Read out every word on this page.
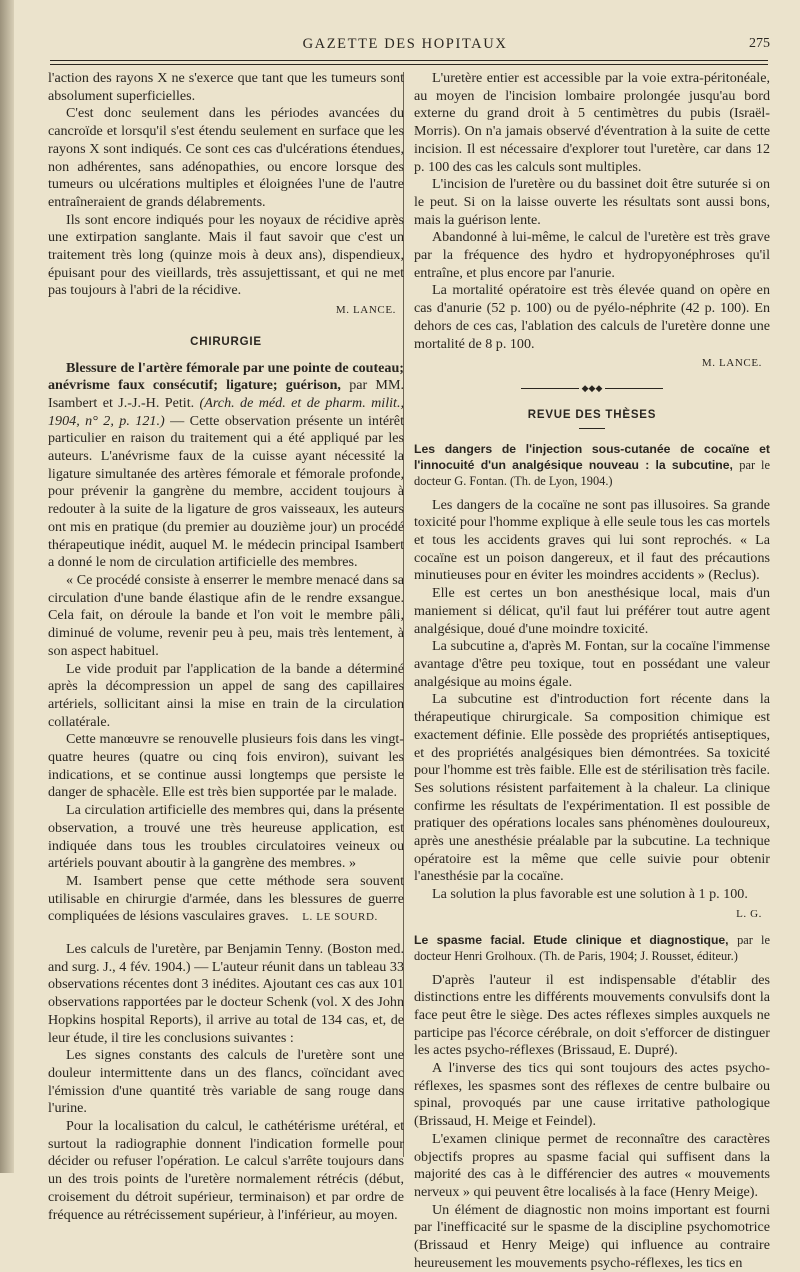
GAZETTE DES HOPITAUX	275

l'action des rayons X ne s'exerce que tant que les tumeurs sont absolument superficielles.

C'est donc seulement dans les périodes avancées du cancroïde et lorsqu'il s'est étendu seulement en surface que les rayons X sont indiqués. Ce sont ces cas d'ulcérations étendues, non adhérentes, sans adénopathies, ou encore lorsque des tumeurs ou ulcérations multiples et éloignées l'une de l'autre entraîneraient de grands délabrements.

Ils sont encore indiqués pour les noyaux de récidive après une extirpation sanglante. Mais il faut savoir que c'est un traitement très long (quinze mois à deux ans), dispendieux, épuisant pour des vieillards, très assujettissant, et qui ne met pas toujours à l'abri de la récidive.

M. LANCE.

CHIRURGIE

Blessure de l'artère fémorale par une pointe de couteau; anévrisme faux consécutif; ligature; guérison, par MM. Isambert et J.-J.-H. Petit. (Arch. de méd. et de pharm. milit., 1904, n° 2, p. 121.) — Cette observation présente un intérêt particulier en raison du traitement qui a été appliqué par les auteurs. L'anévrisme faux de la cuisse ayant nécessité la ligature simultanée des artères fémorale et fémorale profonde, pour prévenir la gangrène du membre, accident toujours à redouter à la suite de la ligature de gros vaisseaux, les auteurs ont mis en pratique (du premier au douzième jour) un procédé thérapeutique inédit, auquel M. le médecin principal Isambert a donné le nom de circulation artificielle des membres.

« Ce procédé consiste à enserrer le membre menacé dans sa circulation d'une bande élastique afin de le rendre exsangue. Cela fait, on déroule la bande et l'on voit le membre pâli, diminué de volume, revenir peu à peu, mais très lentement, à son aspect habituel.

Le vide produit par l'application de la bande a déterminé après la décompression un appel de sang des capillaires artériels, sollicitant ainsi la mise en train de la circulation collatérale.

Cette manœuvre se renouvelle plusieurs fois dans les vingt-quatre heures (quatre ou cinq fois environ), suivant les indications, et se continue aussi longtemps que persiste le danger de sphacèle. Elle est très bien supportée par le malade.

La circulation artificielle des membres qui, dans la présente observation, a trouvé une très heureuse application, est indiquée dans tous les troubles circulatoires veineux ou artériels pouvant aboutir à la gangrène des membres. »

M. Isambert pense que cette méthode sera souvent utilisable en chirurgie d'armée, dans les blessures de guerre compliquées de lésions vasculaires graves. L. LE SOURD.

Les calculs de l'uretère, par Benjamin Tenny. (Boston med. and surg. J., 4 fév. 1904.) — L'auteur réunit dans un tableau 33 observations récentes dont 3 inédites. Ajoutant ces cas aux 101 observations rapportées par le docteur Schenk (vol. X des John Hopkins hospital Reports), il arrive au total de 134 cas, et, de leur étude, il tire les conclusions suivantes :

Les signes constants des calculs de l'uretère sont une douleur intermittente dans un des flancs, coïncidant avec l'émission d'une quantité très variable de sang rouge dans l'urine.

Pour la localisation du calcul, le cathétérisme urétéral, et surtout la radiographie donnent l'indication formelle pour décider ou refuser l'opération. Le calcul s'arrête toujours dans un des trois points de l'uretère normalement rétrécis (début, croisement du détroit supérieur, terminaison) et par ordre de fréquence au rétrécissement supérieur, à l'inférieur, au moyen.

L'uretère entier est accessible par la voie extra-péritonéale, au moyen de l'incision lombaire prolongée jusqu'au bord externe du grand droit à 5 centimètres du pubis (Israël-Morris). On n'a jamais observé d'éventration à la suite de cette incision. Il est nécessaire d'explorer tout l'uretère, car dans 12 p. 100 des cas les calculs sont multiples.

L'incision de l'uretère ou du bassinet doit être suturée si on le peut. Si on la laisse ouverte les résultats sont aussi bons, mais la guérison lente.

Abandonné à lui-même, le calcul de l'uretère est très grave par la fréquence des hydro et hydropyonéphroses qu'il entraîne, et plus encore par l'anurie.

La mortalité opératoire est très élevée quand on opère en cas d'anurie (52 p. 100) ou de pyélo-néphrite (42 p. 100). En dehors de ces cas, l'ablation des calculs de l'uretère donne une mortalité de 8 p. 100.

M. LANCE.

◆◆◆
REVUE DES THÈSES

Les dangers de l'injection sous-cutanée de cocaïne et l'innocuité d'un analgésique nouveau : la subcutine, par le docteur G. Fontan. (Th. de Lyon, 1904.)

Les dangers de la cocaïne ne sont pas illusoires. Sa grande toxicité pour l'homme explique à elle seule tous les cas mortels et tous les accidents graves qui lui sont reprochés. « La cocaïne est un poison dangereux, et il faut des précautions minutieuses pour en éviter les moindres accidents » (Reclus).

Elle est certes un bon anesthésique local, mais d'un maniement si délicat, qu'il faut lui préférer tout autre agent analgésique, doué d'une moindre toxicité.

La subcutine a, d'après M. Fontan, sur la cocaïne l'immense avantage d'être peu toxique, tout en possédant une valeur analgésique au moins égale.

La subcutine est d'introduction fort récente dans la thérapeutique chirurgicale. Sa composition chimique est exactement définie. Elle possède des propriétés antiseptiques, et des propriétés analgésiques bien démontrées. Sa toxicité pour l'homme est très faible. Elle est de stérilisation très facile. Ses solutions résistent parfaitement à la chaleur. La clinique confirme les résultats de l'expérimentation. Il est possible de pratiquer des opérations locales sans phénomènes douloureux, après une anesthésie préalable par la subcutine. La technique opératoire est la même que celle suivie pour obtenir l'anesthésie par la cocaïne.

La solution la plus favorable est une solution à 1 p. 100.

L. G.

Le spasme facial. Etude clinique et diagnostique, par le docteur Henri Grolhoux. (Th. de Paris, 1904; J. Rousset, éditeur.)

D'après l'auteur il est indispensable d'établir des distinctions entre les différents mouvements convulsifs dont la face peut être le siège. Des actes réflexes simples auxquels ne participe pas l'écorce cérébrale, on doit s'efforcer de distinguer les actes psycho-réflexes (Brissaud, E. Dupré).

A l'inverse des tics qui sont toujours des actes psycho-réflexes, les spasmes sont des réflexes de centre bulbaire ou spinal, provoqués par une cause irritative pathologique (Brissaud, H. Meige et Feindel).

L'examen clinique permet de reconnaître des caractères objectifs propres au spasme facial qui suffisent dans la majorité des cas à le différencier des autres « mouvements nerveux » qui peuvent être localisés à la face (Henry Meige).

Un élément de diagnostic non moins important est fourni par l'inefficacité sur le spasme de la discipline psychomotrice (Brissaud et Henry Meige) qui influence au contraire heureusement les mouvements psycho-réflexes, les tics en
